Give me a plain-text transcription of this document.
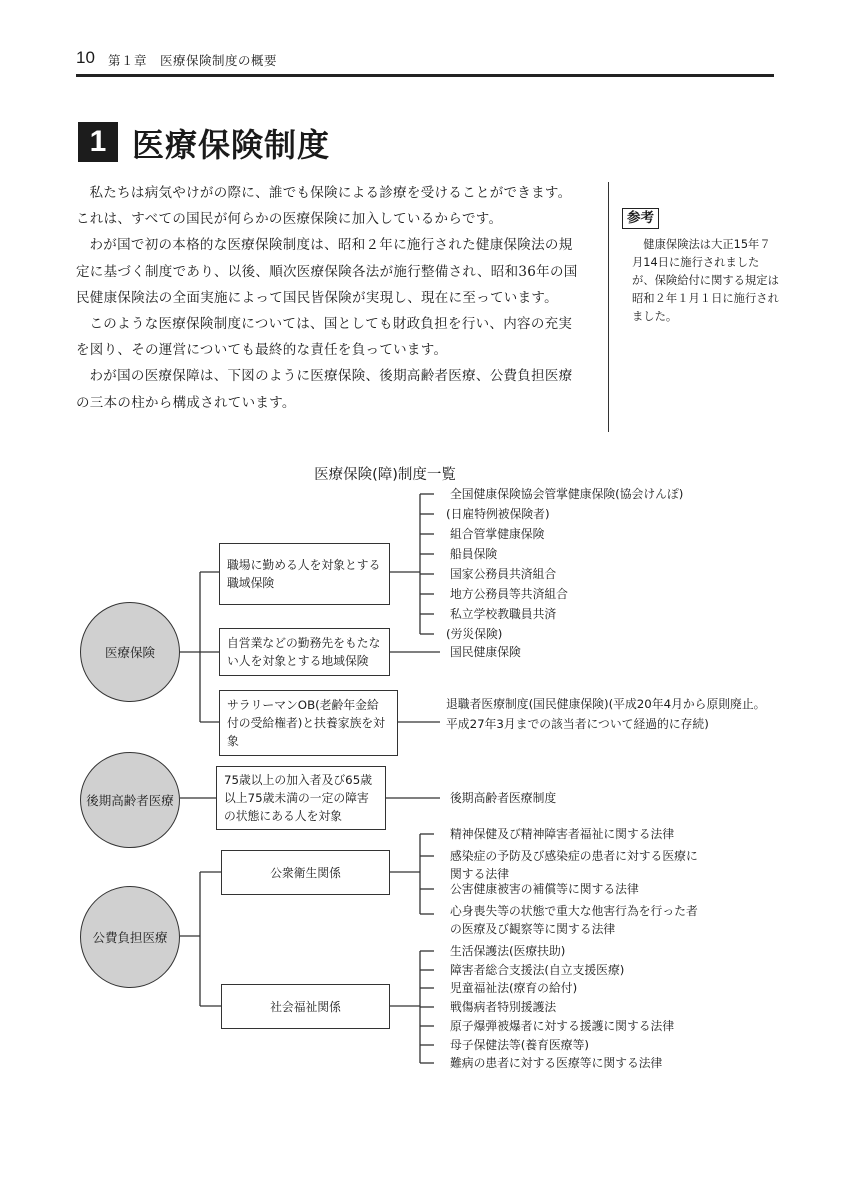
10 第１章　医療保険制度の概要
1 医療保険制度

私たちは病気やけがの際に、誰でも保険による診療を受けることができます。これは、すべての国民が何らかの医療保険に加入しているからです。

わが国で初の本格的な医療保険制度は、昭和２年に施行された健康保険法の規定に基づく制度であり、以後、順次医療保険各法が施行整備され、昭和36年の国民健康保険法の全面実施によって国民皆保険が実現し、現在に至っています。

このような医療保険制度については、国としても財政負担を行い、内容の充実を図り、その運営についても最終的な責任を負っています。

わが国の医療保障は、下図のように医療保険、後期高齢者医療、公費負担医療の三本の柱から構成されています。

参考
健康保険法は大正15年７月14日に施行されましたが、保険給付に関する規定は昭和２年１月１日に施行されました。
医療保険(障)制度一覧
医療保険
後期高齢者医療
公費負担医療
職場に勤める人を対象とする職域保険
自営業などの勤務先をもたない人を対象とする地域保険
サラリーマンOB(老齢年金給付の受給権者)と扶養家族を対象
75歳以上の加入者及び65歳以上75歳未満の一定の障害の状態にある人を対象
公衆衛生関係
社会福祉関係
全国健康保険協会管掌健康保険(協会けんぽ)
(日雇特例被保険者)
組合管掌健康保険
船員保険
国家公務員共済組合
地方公務員等共済組合
私立学校教職員共済
(労災保険)
国民健康保険
退職者医療制度(国民健康保険)(平成20年4月から原則廃止。平成27年3月までの該当者について経過的に存続)
後期高齢者医療制度
精神保健及び精神障害者福祉に関する法律
感染症の予防及び感染症の患者に対する医療に関する法律
公害健康被害の補償等に関する法律
心身喪失等の状態で重大な他害行為を行った者の医療及び観察等に関する法律
生活保護法(医療扶助)
障害者総合支援法(自立支援医療)
児童福祉法(療育の給付)
戦傷病者特別援護法
原子爆弾被爆者に対する援護に関する法律
母子保健法等(養育医療等)
難病の患者に対する医療等に関する法律
